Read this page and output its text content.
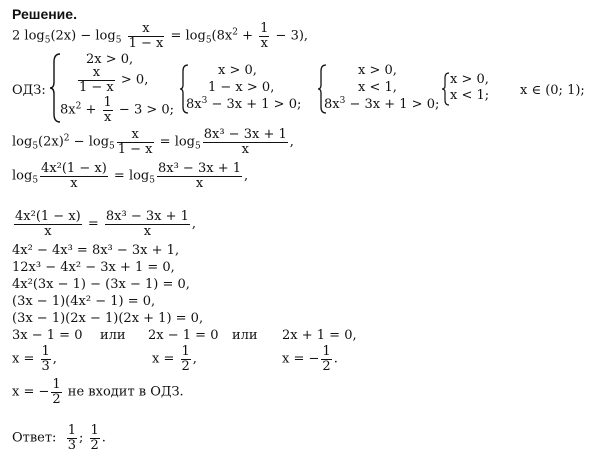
Решение.
2 $\log_5(2x) - \log_5 \frac{x}{1 - x} = \log_5(8x^2 + \frac{1}{x} - 3)$,
ОДЗ:
2x > 0,
$\frac{x}{1 - x} > 0$,
$8x^2 + \frac{1}{x} - 3 > 0$;
x > 0,
1 − x > 0,
$8x^3 - 3x + 1 > 0$;
x > 0,
x < 1,
$8x^3 - 3x + 1 > 0$;
x > 0,
x < 1; x ∈ (0; 1);
$\log_5(2x)^2 - \log_5 \frac{x}{1 - x} = \log_5 \frac{\text{8x³ − 3x + 1}}{x}$ ,
$\log_5 \frac{\text{4x²(1 − x)}}{x} = \log_5 \frac{\text{8x³ − 3x + 1}}{x}$ ,
$\frac{\text{4x²(1 − x)}}{x} = \frac{\text{8x³ − 3x + 1}}{x}$ ,
4x² − 4x³ = 8x³ − 3x + 1,
12x³ − 4x² − 3x + 1 = 0,
4x²(3x − 1) − (3x − 1) = 0,
(3x − 1)(4x² − 1) = 0,
(3x − 1)(2x − 1)(2x + 1) = 0,
3x − 1 = 0 или 2x − 1 = 0 или 2x + 1 = 0,
$x = \frac{1}{3}$ ,	$x = \frac{1}{2}$ ,	x = − $\frac{1}{2}$ .
x = − $\frac{1}{2}$ не входит в ОДЗ.
Ответ: $\frac{1}{3}$ ; $\frac{1}{2}$ .
